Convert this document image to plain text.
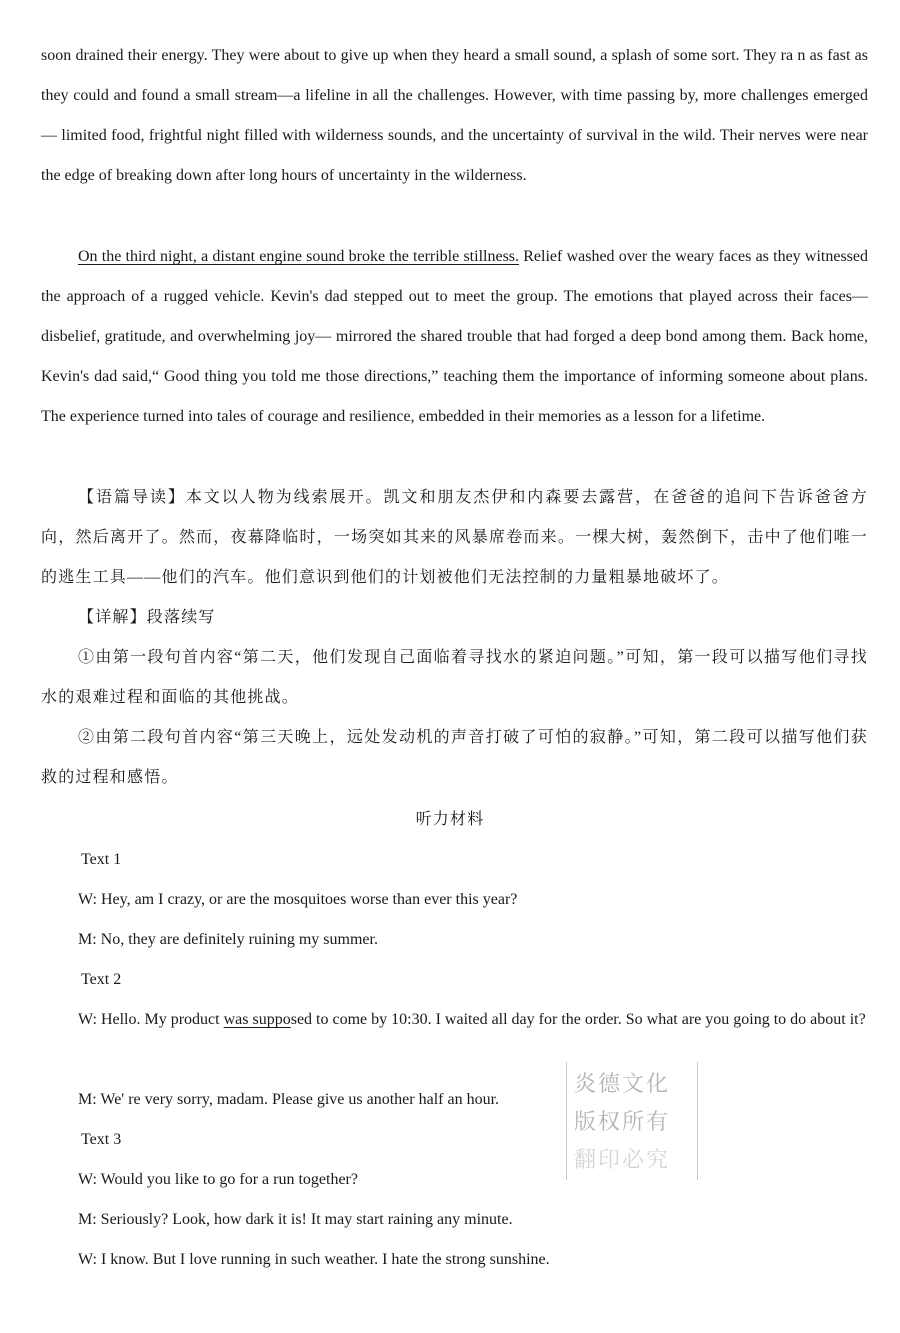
soon drained their energy. They were about to give up when they heard a small sound, a splash of some sort. They ra n as fast as they could and found a small stream—a lifeline in all the challenges. However, with time passing by, more challenges emerged— limited food, frightful night filled with wilderness sounds, and the uncertainty of survival in the wild. Their nerves were near the edge of breaking down after long hours of uncertainty in the wilderness.
On the third night, a distant engine sound broke the terrible stillness. Relief washed over the weary faces as they witnessed the approach of a rugged vehicle. Kevin's dad stepped out to meet the group. The emotions that played across their faces— disbelief, gratitude, and overwhelming joy— mirrored the shared trouble that had forged a deep bond among them. Back home, Kevin's dad said,“ Good thing you told me those directions,” teaching them the importance of informing someone about plans. The experience turned into tales of courage and resilience, embedded in their memories as a lesson for a lifetime.
【语篇导读】本文以人物为线索展开。凯文和朋友杰伊和内森要去露营，在爸爸的追问下告诉爸爸方向，然后离开了。然而，夜幕降临时，一场突如其来的风暴席卷而来。一棵大树，轰然倒下，击中了他们唯一的逃生工具——他们的汽车。他们意识到他们的计划被他们无法控制的力量粗暴地破坏了。
【详解】段落续写
①由第一段句首内容“第二天，他们发现自己面临着寻找水的紧迫问题。”可知，第一段可以描写他们寻找水的艰难过程和面临的其他挑战。
②由第二段句首内容“第三天晚上，远处发动机的声音打破了可怕的寂静。”可知，第二段可以描写他们获救的过程和感悟。
听力材料
Text 1
W: Hey, am I crazy, or are the mosquitoes worse than ever this year?
M: No, they are definitely ruining my summer.
Text 2
W: Hello. My product was supposed to come by 10:30. I waited all day for the order. So what are you going to do about it?
M: We' re very sorry, madam. Please give us another half an hour.
Text 3
W: Would you like to go for a run together?
M: Seriously? Look, how dark it is! It may start raining any minute.
W: I know. But I love running in such weather. I hate the strong sunshine.
炎德文化
版权所有
翻印必究
